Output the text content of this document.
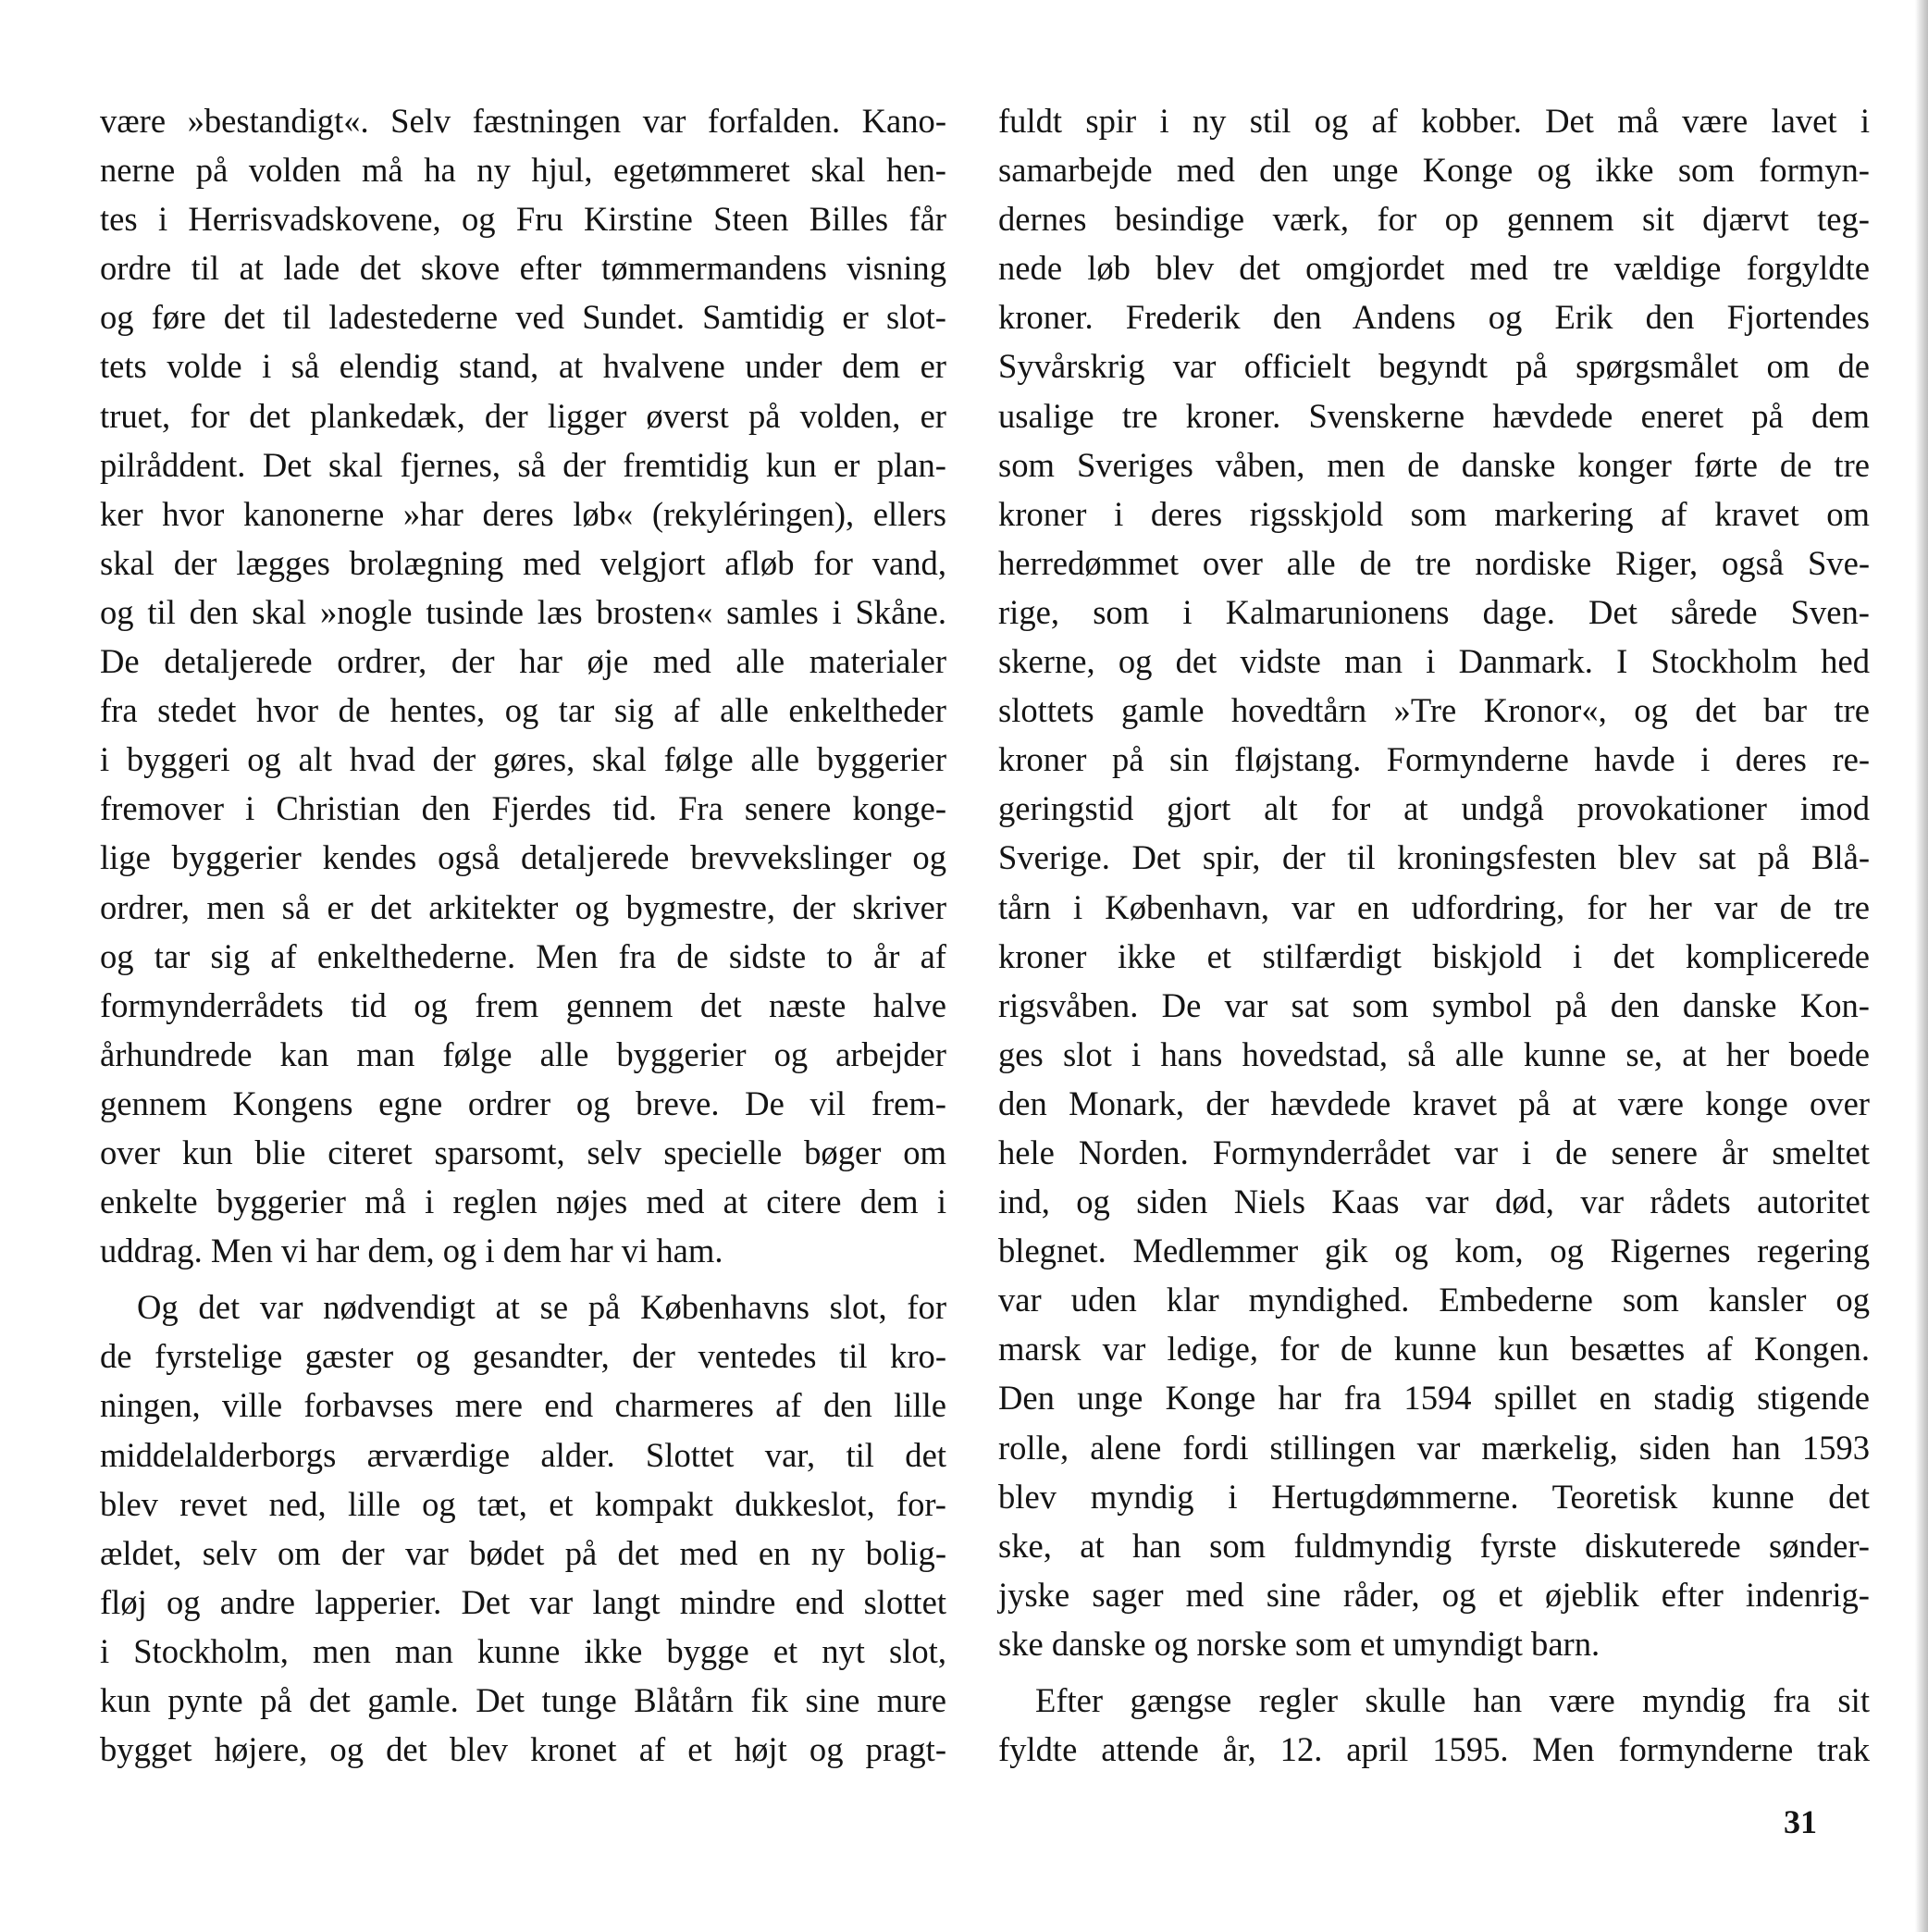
være »bestandigt«. Selv fæstningen var forfalden. Kano-
nerne på volden må ha ny hjul, egetømmeret skal hen-
tes i Herrisvadskovene, og Fru Kirstine Steen Billes får
ordre til at lade det skove efter tømmermandens visning
og føre det til ladestederne ved Sundet. Samtidig er slot-
tets volde i så elendig stand, at hvalvene under dem er
truet, for det plankedæk, der ligger øverst på volden, er
pilråddent. Det skal fjernes, så der fremtidig kun er plan-
ker hvor kanonerne »har deres løb« (rekyléringen), ellers
skal der lægges brolægning med velgjort afløb for vand,
og til den skal »nogle tusinde læs brosten« samles i Skåne.
De detaljerede ordrer, der har øje med alle materialer
fra stedet hvor de hentes, og tar sig af alle enkeltheder
i byggeri og alt hvad der gøres, skal følge alle byggerier
fremover i Christian den Fjerdes tid. Fra senere konge-
lige byggerier kendes også detaljerede brevvekslinger og
ordrer, men så er det arkitekter og bygmestre, der skriver
og tar sig af enkelthederne. Men fra de sidste to år af
formynderrådets tid og frem gennem det næste halve
århundrede kan man følge alle byggerier og arbejder
gennem Kongens egne ordrer og breve. De vil frem-
over kun blie citeret sparsomt, selv specielle bøger om
enkelte byggerier må i reglen nøjes med at citere dem i
uddrag. Men vi har dem, og i dem har vi ham.
Og det var nødvendigt at se på Københavns slot, for
de fyrstelige gæster og gesandter, der ventedes til kro-
ningen, ville forbavses mere end charmeres af den lille
middelalderborgs ærværdige alder. Slottet var, til det
blev revet ned, lille og tæt, et kompakt dukkeslot, for-
ældet, selv om der var bødet på det med en ny bolig-
fløj og andre lapperier. Det var langt mindre end slottet
i Stockholm, men man kunne ikke bygge et nyt slot,
kun pynte på det gamle. Det tunge Blåtårn fik sine mure
bygget højere, og det blev kronet af et højt og pragt-
fuldt spir i ny stil og af kobber. Det må være lavet i
samarbejde med den unge Konge og ikke som formyn-
dernes besindige værk, for op gennem sit djærvt teg-
nede løb blev det omgjordet med tre vældige forgyldte
kroner. Frederik den Andens og Erik den Fjortendes
Syvårskrig var officielt begyndt på spørgsmålet om de
usalige tre kroner. Svenskerne hævdede eneret på dem
som Sveriges våben, men de danske konger førte de tre
kroner i deres rigsskjold som markering af kravet om
herredømmet over alle de tre nordiske Riger, også Sve-
rige, som i Kalmarunionens dage. Det sårede Sven-
skerne, og det vidste man i Danmark. I Stockholm hed
slottets gamle hovedtårn »Tre Kronor«, og det bar tre
kroner på sin fløjstang. Formynderne havde i deres re-
geringstid gjort alt for at undgå provokationer imod
Sverige. Det spir, der til kroningsfesten blev sat på Blå-
tårn i København, var en udfordring, for her var de tre
kroner ikke et stilfærdigt biskjold i det komplicerede
rigsvåben. De var sat som symbol på den danske Kon-
ges slot i hans hovedstad, så alle kunne se, at her boede
den Monark, der hævdede kravet på at være konge over
hele Norden. Formynderrådet var i de senere år smeltet
ind, og siden Niels Kaas var død, var rådets autoritet
blegnet. Medlemmer gik og kom, og Rigernes regering
var uden klar myndighed. Embederne som kansler og
marsk var ledige, for de kunne kun besættes af Kongen.
Den unge Konge har fra 1594 spillet en stadig stigende
rolle, alene fordi stillingen var mærkelig, siden han 1593
blev myndig i Hertugdømmerne. Teoretisk kunne det
ske, at han som fuldmyndig fyrste diskuterede sønder-
jyske sager med sine råder, og et øjeblik efter indenrig-
ske danske og norske som et umyndigt barn.
Efter gængse regler skulle han være myndig fra sit
fyldte attende år, 12. april 1595. Men formynderne trak
31
